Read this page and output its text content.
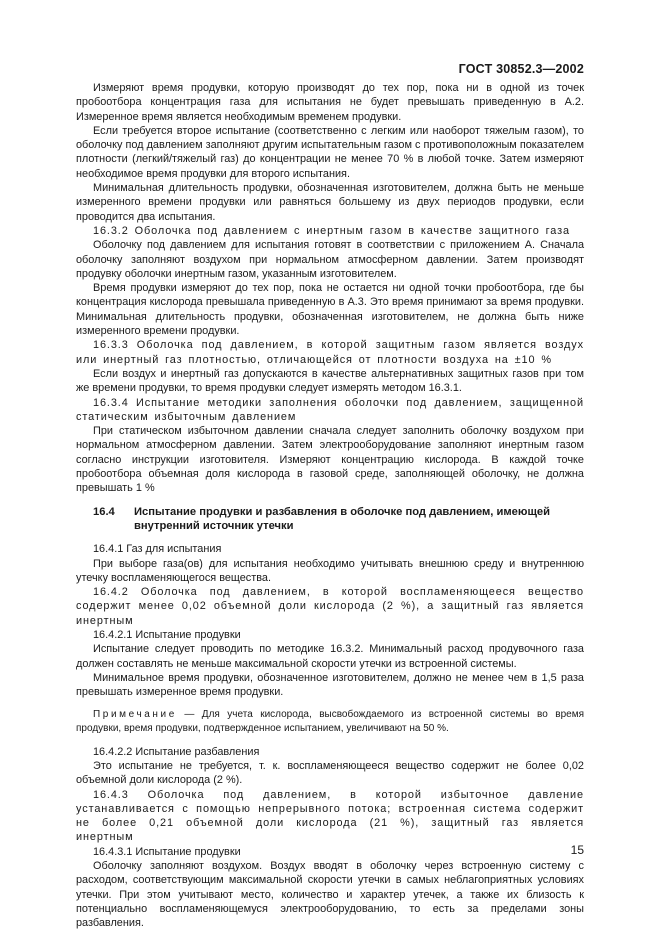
ГОСТ 30852.3—2002

Измеряют время продувки, которую производят до тех пор, пока ни в одной из точек пробоотбора концентрация газа для испытания не будет превышать приведенную в А.2. Измеренное время является необходимым временем продувки.

Если требуется второе испытание (соответственно с легким или наоборот тяжелым газом), то оболочку под давлением заполняют другим испытательным газом с противоположным показателем плотности (легкий/тяжелый газ) до концентрации не менее 70 % в любой точке. Затем измеряют необходимое время продувки для второго испытания.

Минимальная длительность продувки, обозначенная изготовителем, должна быть не меньше измеренного времени продувки или равняться большему из двух периодов продувки, если проводится два испытания.

16.3.2 Оболочка под давлением с инертным газом в качестве защитного газа

Оболочку под давлением для испытания готовят в соответствии с приложением А. Сначала оболочку заполняют воздухом при нормальном атмосферном давлении. Затем производят продувку оболочки инертным газом, указанным изготовителем.

Время продувки измеряют до тех пор, пока не остается ни одной точки пробоотбора, где бы концентрация кислорода превышала приведенную в А.3. Это время принимают за время продувки. Минимальная длительность продувки, обозначенная изготовителем, не должна быть ниже измеренного времени продувки.

16.3.3 Оболочка под давлением, в которой защитным газом является воздух или инертный газ плотностью, отличающейся от плотности воздуха на ±10 %

Если воздух и инертный газ допускаются в качестве альтернативных защитных газов при том же времени продувки, то время продувки следует измерять методом 16.3.1.

16.3.4 Испытание методики заполнения оболочки под давлением, защищенной статическим избыточным давлением

При статическом избыточном давлении сначала следует заполнить оболочку воздухом при нормальном атмосферном давлении. Затем электрооборудование заполняют инертным газом согласно инструкции изготовителя. Измеряют концентрацию кислорода. В каждой точке пробоотбора объемная доля кислорода в газовой среде, заполняющей оболочку, не должна превышать 1 %

16.4	Испытание продувки и разбавления в оболочке под давлением, имеющей внутренний источник утечки

16.4.1 Газ для испытания

При выборе газа(ов) для испытания необходимо учитывать внешнюю среду и внутреннюю утечку воспламеняющегося вещества.

16.4.2 Оболочка под давлением, в которой воспламеняющееся вещество содержит менее 0,02 объемной доли кислорода (2 %), а защитный газ является инертным

16.4.2.1 Испытание продувки

Испытание следует проводить по методике 16.3.2. Минимальный расход продувочного газа должен составлять не меньше максимальной скорости утечки из встроенной системы.

Минимальное время продувки, обозначенное изготовителем, должно не менее чем в 1,5 раза превышать измеренное время продувки.

Примечание — Для учета кислорода, высвобождаемого из встроенной системы во время продувки, время продувки, подтвержденное испытанием, увеличивают на 50 %.

16.4.2.2 Испытание разбавления

Это испытание не требуется, т. к. воспламеняющееся вещество содержит не более 0,02 объемной доли кислорода (2 %).

16.4.3 Оболочка под давлением, в которой избыточное давление устанавливается с помощью непрерывного потока; встроенная система содержит не более 0,21 объемной доли кислорода (21 %), защитный газ является инертным

16.4.3.1 Испытание продувки

Оболочку заполняют воздухом. Воздух вводят в оболочку через встроенную систему с расходом, соответствующим максимальной скорости утечки в самых неблагоприятных условиях утечки. При этом учитывают место, количество и характер утечек, а также их близость к потенциально воспламеняющемуся электрооборудованию, то есть за пределами зоны разбавления.

15
